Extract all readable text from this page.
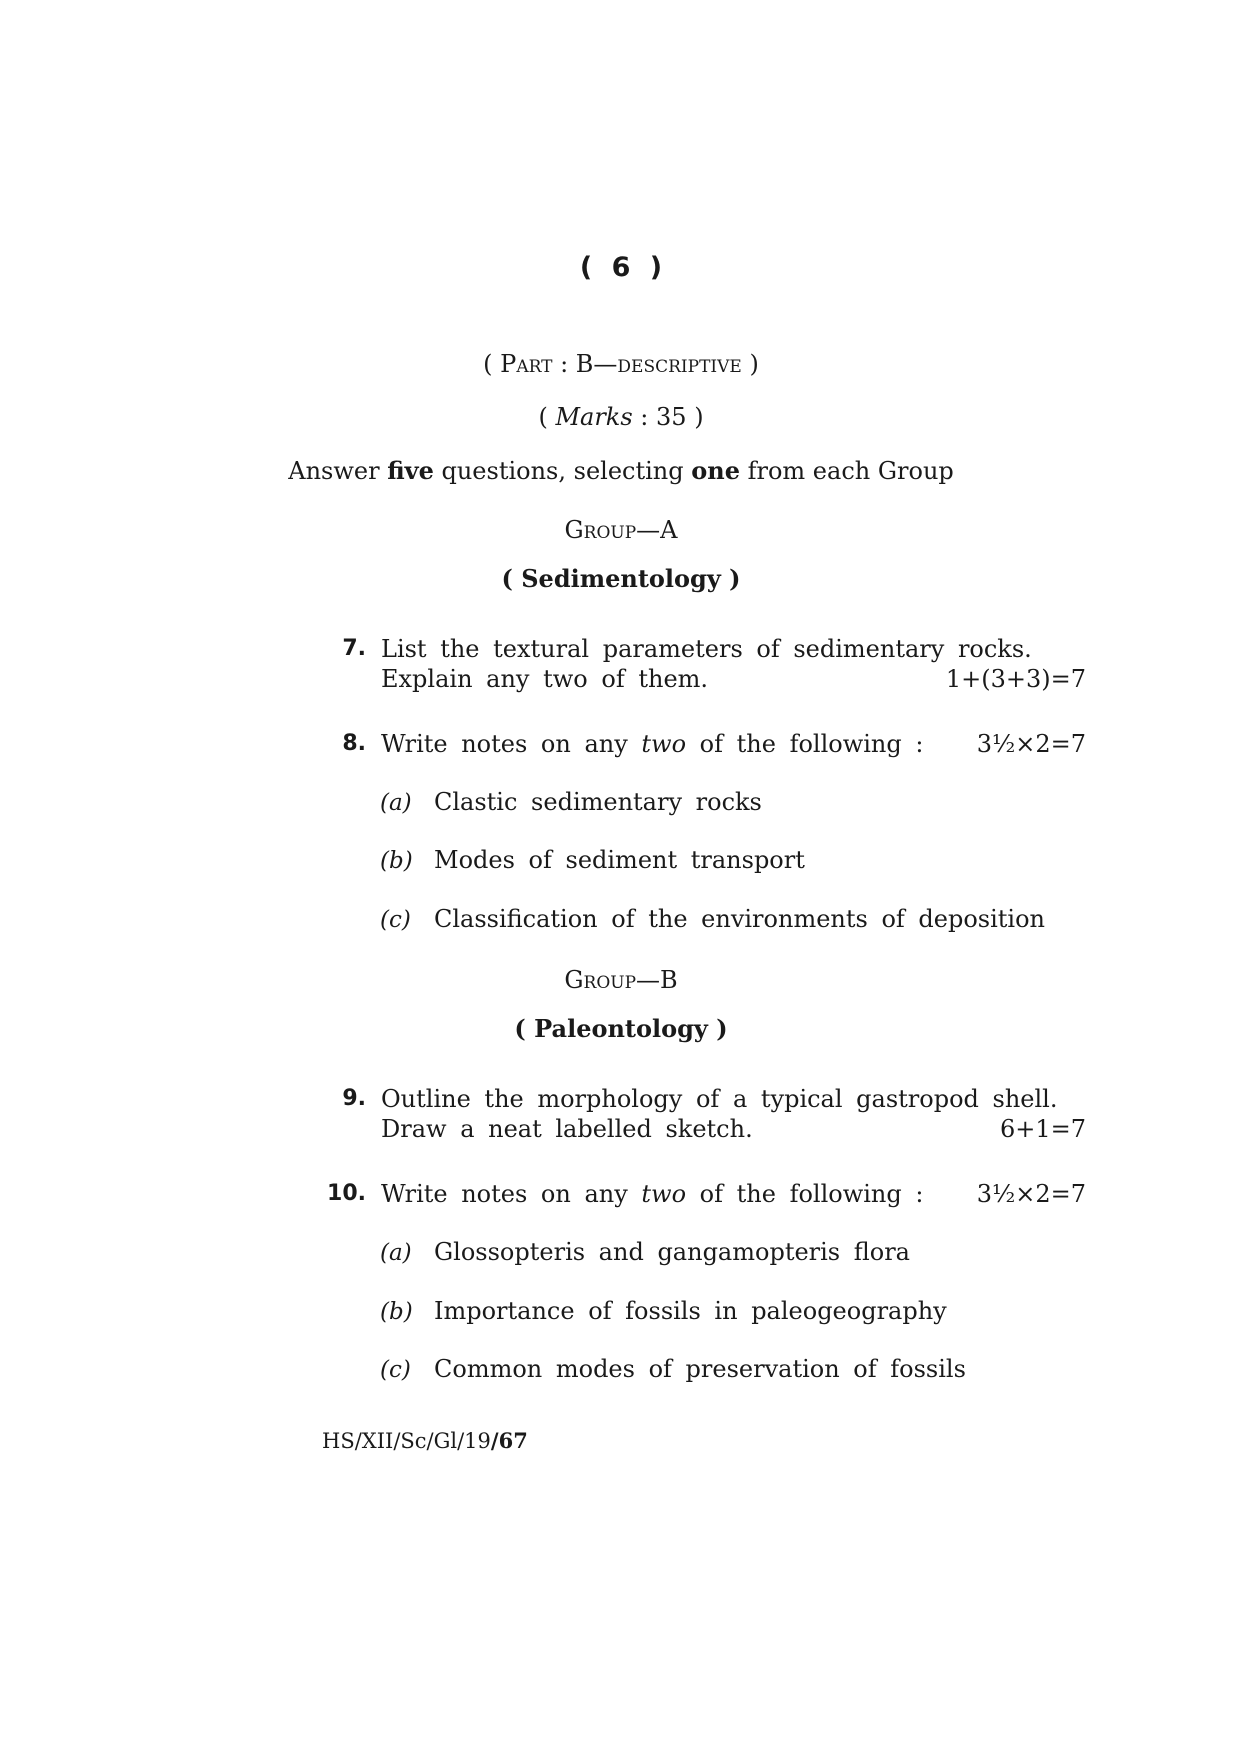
( 6 )
( Part : B—descriptive )
( Marks : 35 )
Answer five questions, selecting one from each Group
Group—A
( Sedimentology )
7. List the textural parameters of sedimentary rocks.
Explain any two of them.	1+(3+3)=7
8. Write notes on any two of the following : 3½×2=7
(a) Clastic sedimentary rocks
(b) Modes of sediment transport
(c) Classification of the environments of deposition
Group—B
( Paleontology )
9. Outline the morphology of a typical gastropod shell.
Draw a neat labelled sketch.	6+1=7
10. Write notes on any two of the following : 3½×2=7
(a) Glossopteris and gangamopteris flora
(b) Importance of fossils in paleogeography
(c) Common modes of preservation of fossils
HS/XII/Sc/Gl/19/67
